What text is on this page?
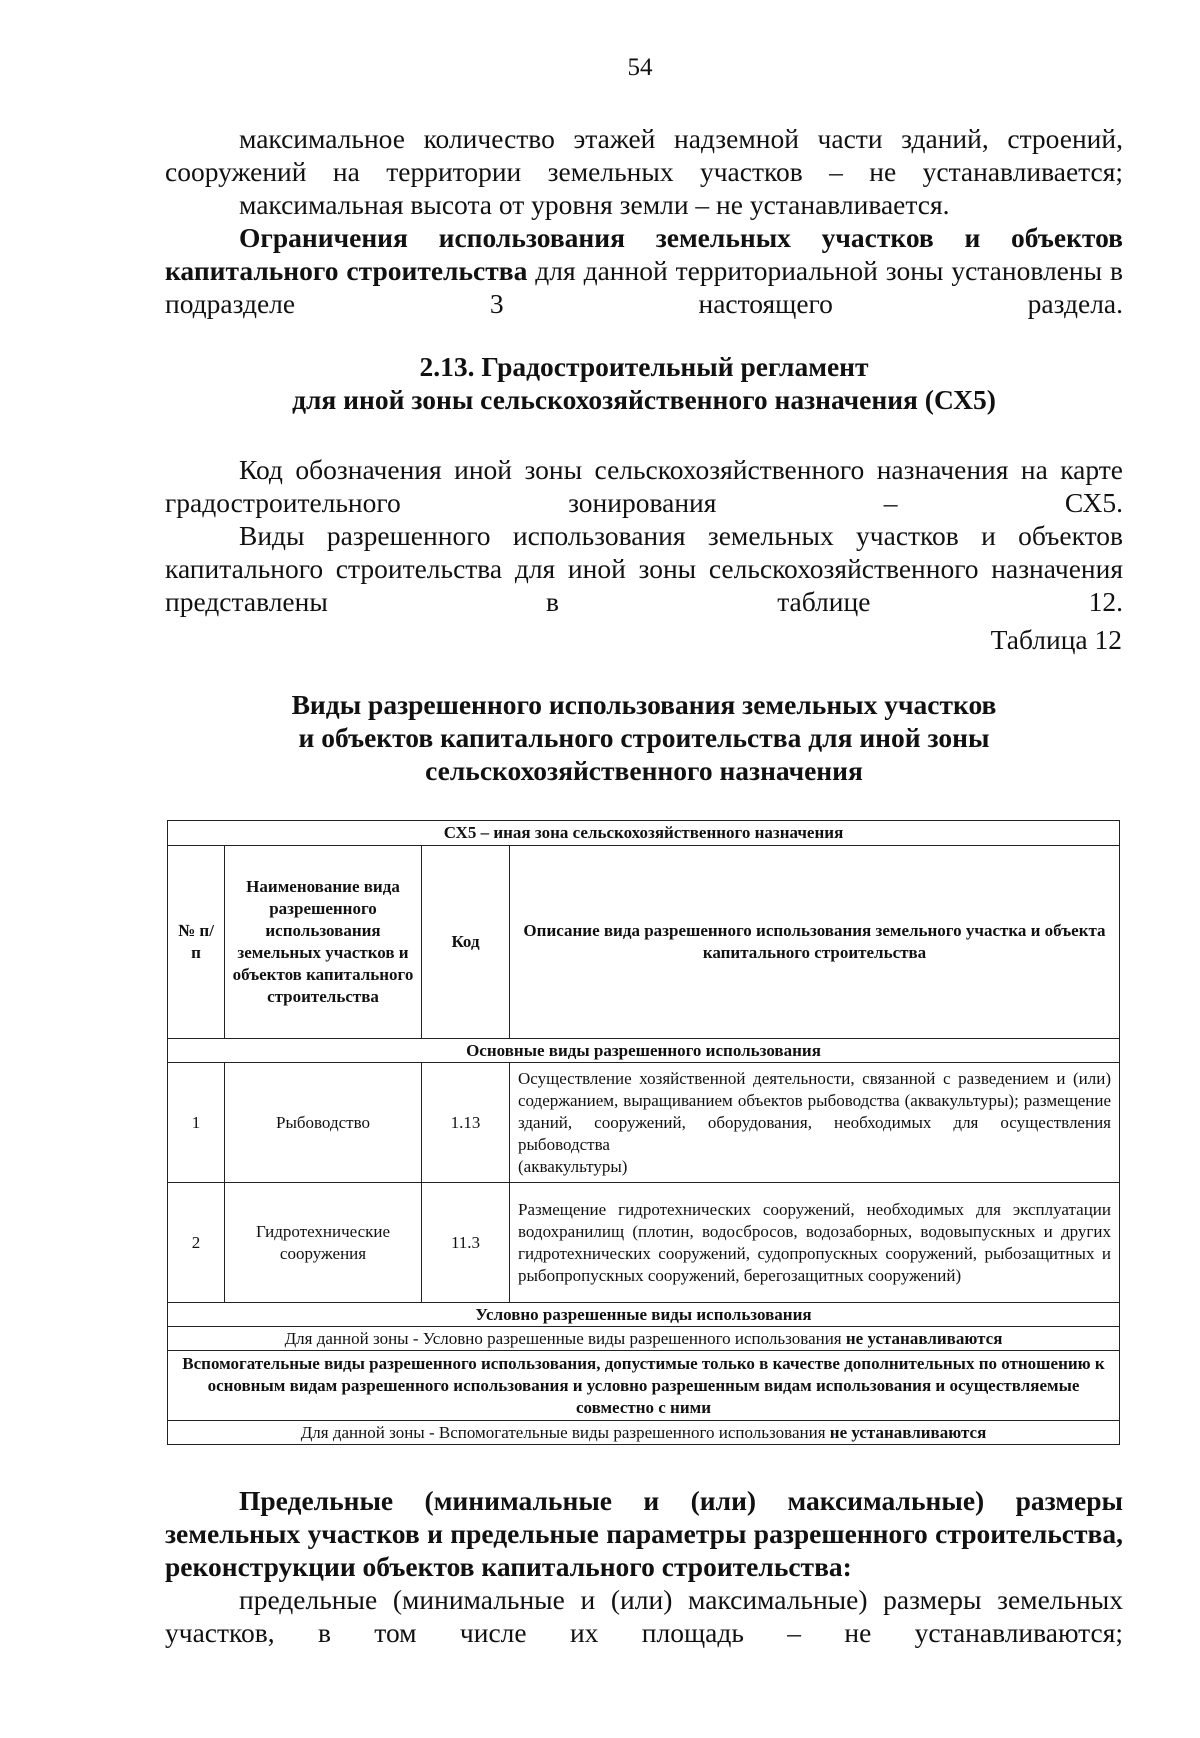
54

максимальное количество этажей надземной части зданий, строений, сооружений на территории земельных участков – не устанавливается;

максимальная высота от уровня земли – не устанавливается.

Ограничения использования земельных участков и объектов капитального строительства для данной территориальной зоны установлены в подразделе 3 настоящего раздела.

2.13. Градостроительный регламент
для иной зоны сельскохозяйственного назначения (СХ5)

Код обозначения иной зоны сельскохозяйственного назначения на карте градостроительного зонирования – СХ5.

Виды разрешенного использования земельных участков и объектов капитального строительства для иной зоны сельскохозяйственного назначения представлены в таблице 12.

Таблица 12
Виды разрешенного использования земельных участков
и объектов капитального строительства для иной зоны
сельскохозяйственного назначения
СХ5 – иная зона сельскохозяйственного назначения			
№ п/п	Наименование вида разрешенного использования земельных участков и объектов капитального строительства	Код	Описание вида разрешенного использования земельного участка и объекта капитального строительства
Основные виды разрешенного использования			
1	Рыбоводство	1.13	Осуществление хозяйственной деятельности, связанной с разведением и (или) содержанием, выращиванием объектов рыбоводства (аквакультуры); размещение зданий, сооружений, оборудования, необходимых для осуществления рыбоводства
(аквакультуры)

2	Гидротехнические сооружения	11.3	Размещение гидротехнических сооружений, необходимых для эксплуатации водохранилищ (плотин, водосбросов, водозаборных, водовыпускных и других гидротехнических сооружений, судопропускных сооружений, рыбозащитных и
рыбопропускных сооружений, берегозащитных сооружений)

Условно разрешенные виды использования			
Для данной зоны - Условно разрешенные виды разрешенного использования не устанавливаются			
Вспомогательные виды разрешенного использования, допустимые только в качестве дополнительных по отношению к основным видам разрешенного использования и условно разрешенным видам использования и осуществляемые совместно с ними			
Для данной зоны - Вспомогательные виды разрешенного использования не устанавливаются			

Предельные (минимальные и (или) максимальные) размеры земельных участков и предельные параметры разрешенного строительства, реконструкции объектов капитального строительства:

предельные (минимальные и (или) максимальные) размеры земельных участков, в том числе их площадь – не устанавливаются;
